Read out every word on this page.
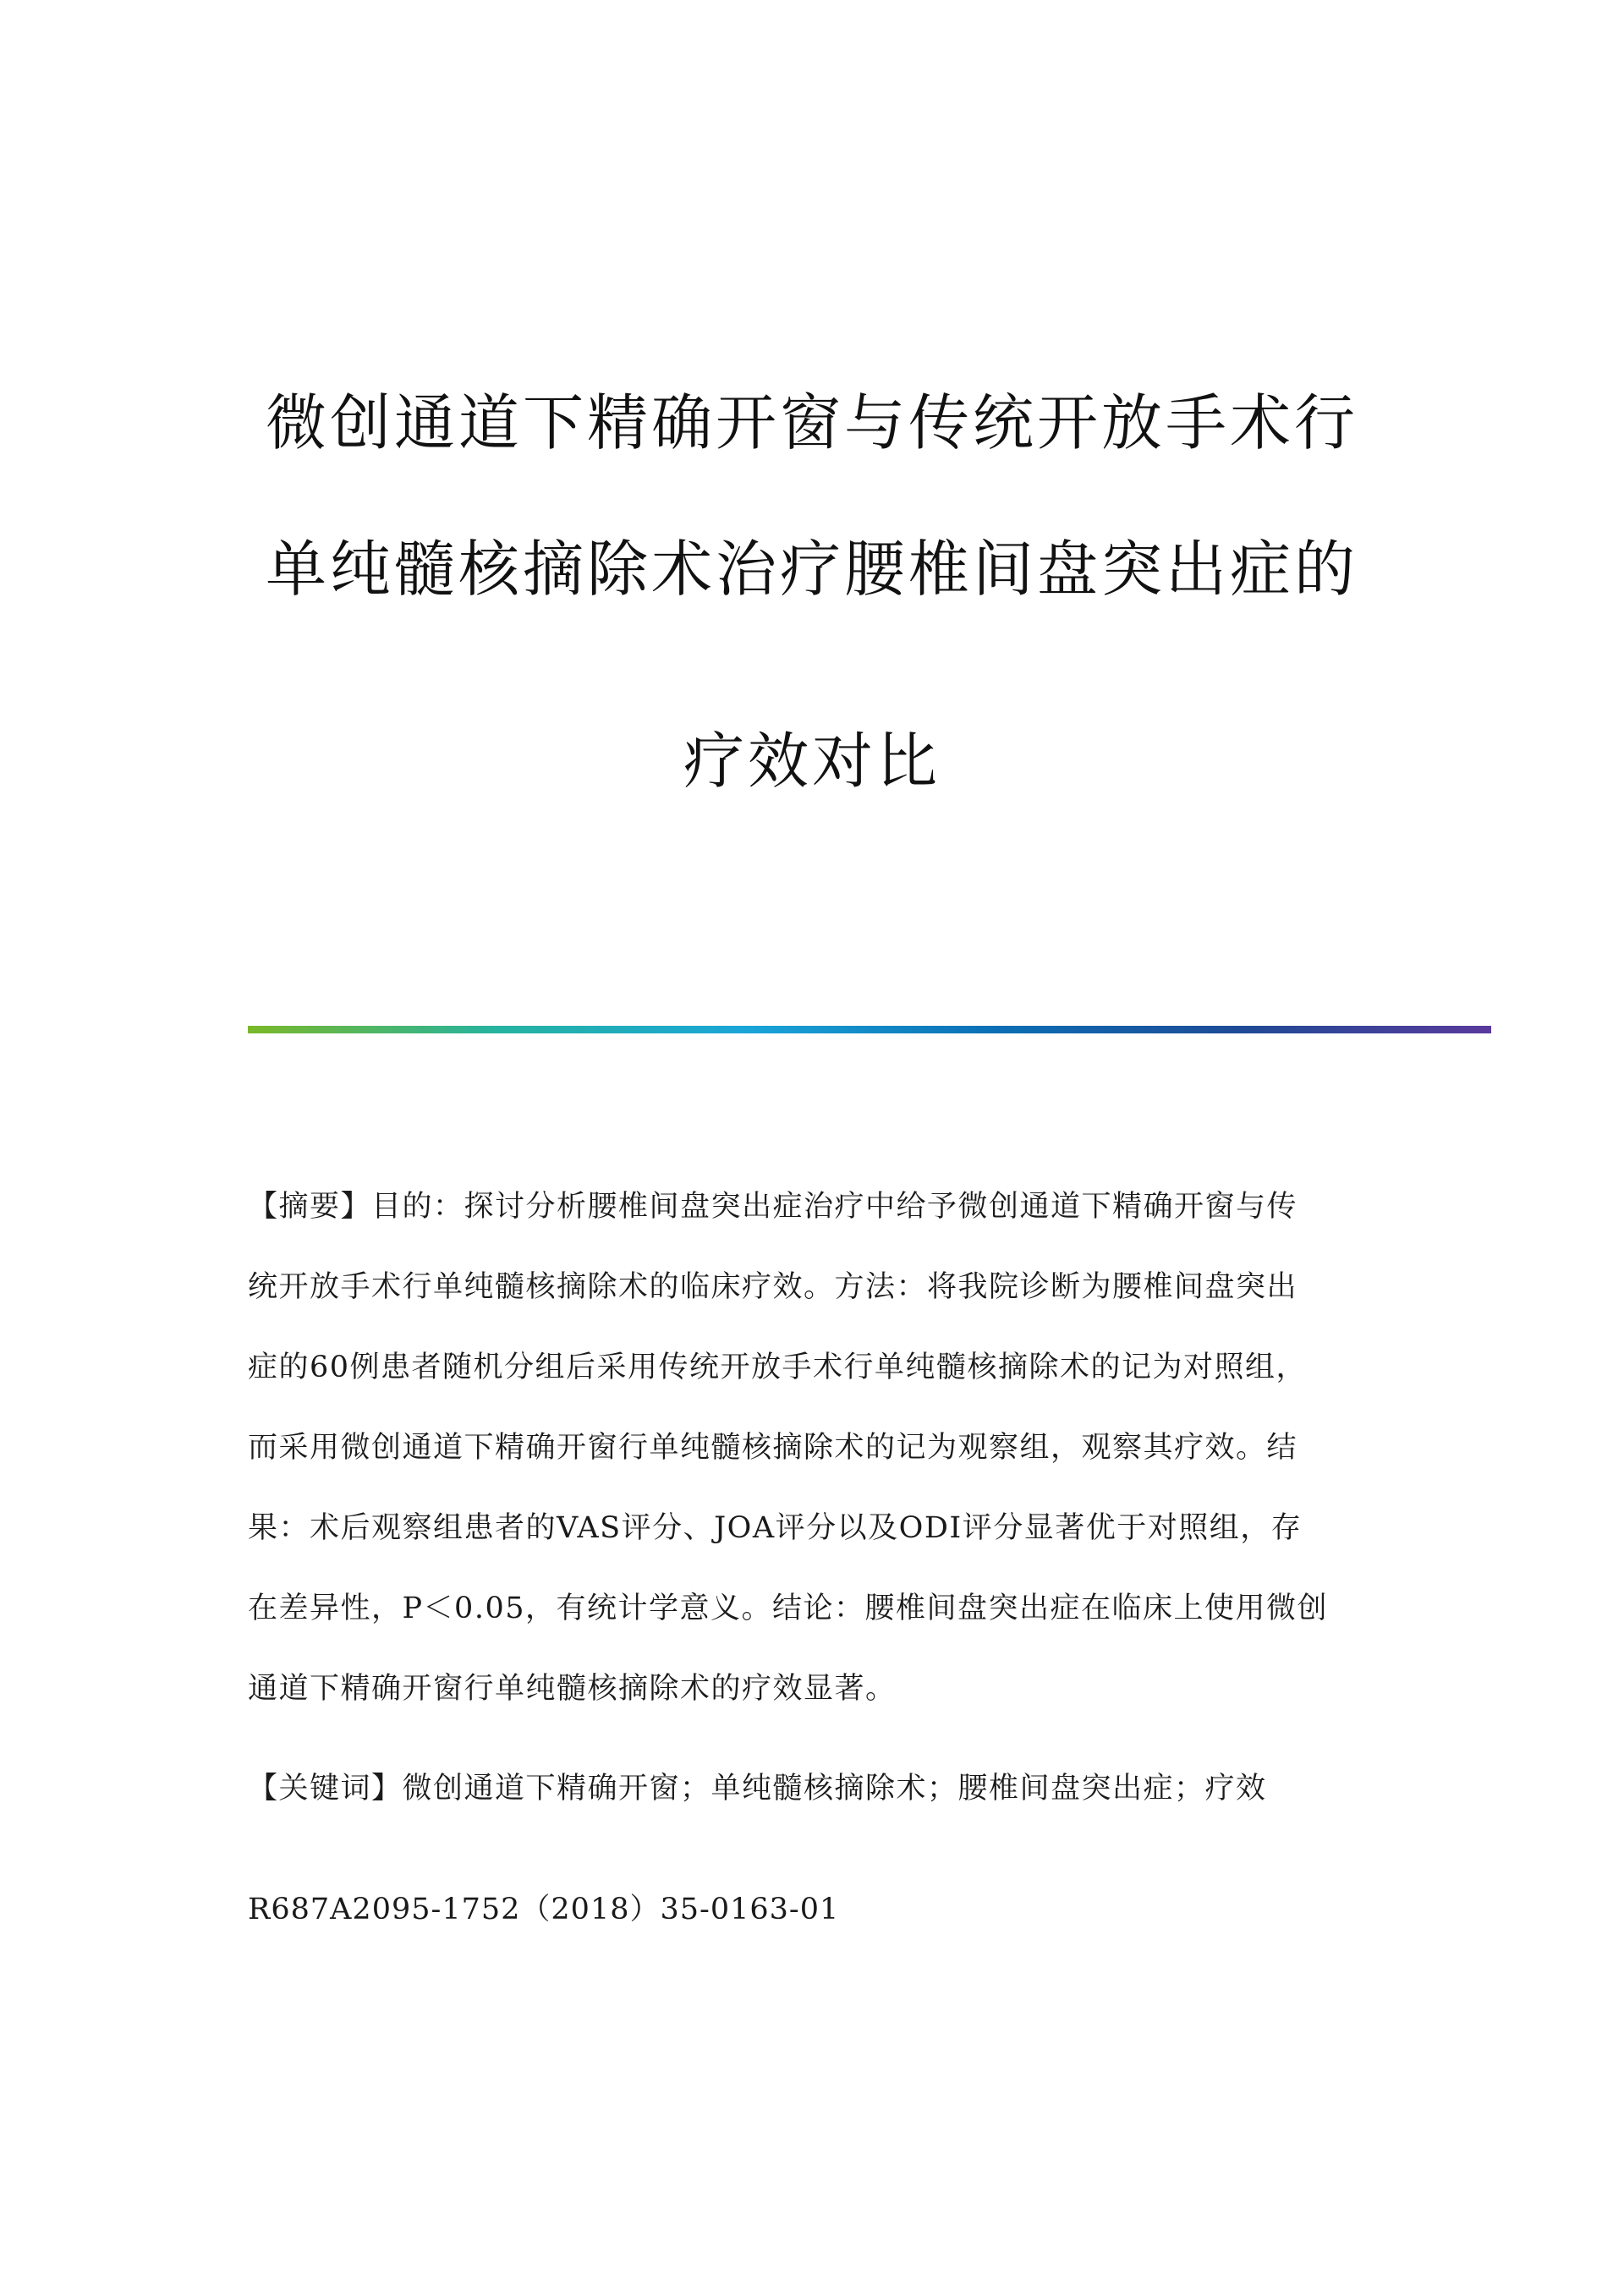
微创通道下精确开窗与传统开放手术行
单纯髓核摘除术治疗腰椎间盘突出症的
疗效对比
【摘要】目的：探讨分析腰椎间盘突出症治疗中给予微创通道下精确开窗与传
统开放手术行单纯髓核摘除术的临床疗效。方法：将我院诊断为腰椎间盘突出
症的60例患者随机分组后采用传统开放手术行单纯髓核摘除术的记为对照组，
而采用微创通道下精确开窗行单纯髓核摘除术的记为观察组，观察其疗效。结
果：术后观察组患者的VAS评分、JOA评分以及ODI评分显著优于对照组，存
在差异性，P＜0.05，有统计学意义。结论：腰椎间盘突出症在临床上使用微创
通道下精确开窗行单纯髓核摘除术的疗效显著。
【关键词】微创通道下精确开窗；单纯髓核摘除术；腰椎间盘突出症；疗效
R687A2095-1752（2018）35-0163-01
